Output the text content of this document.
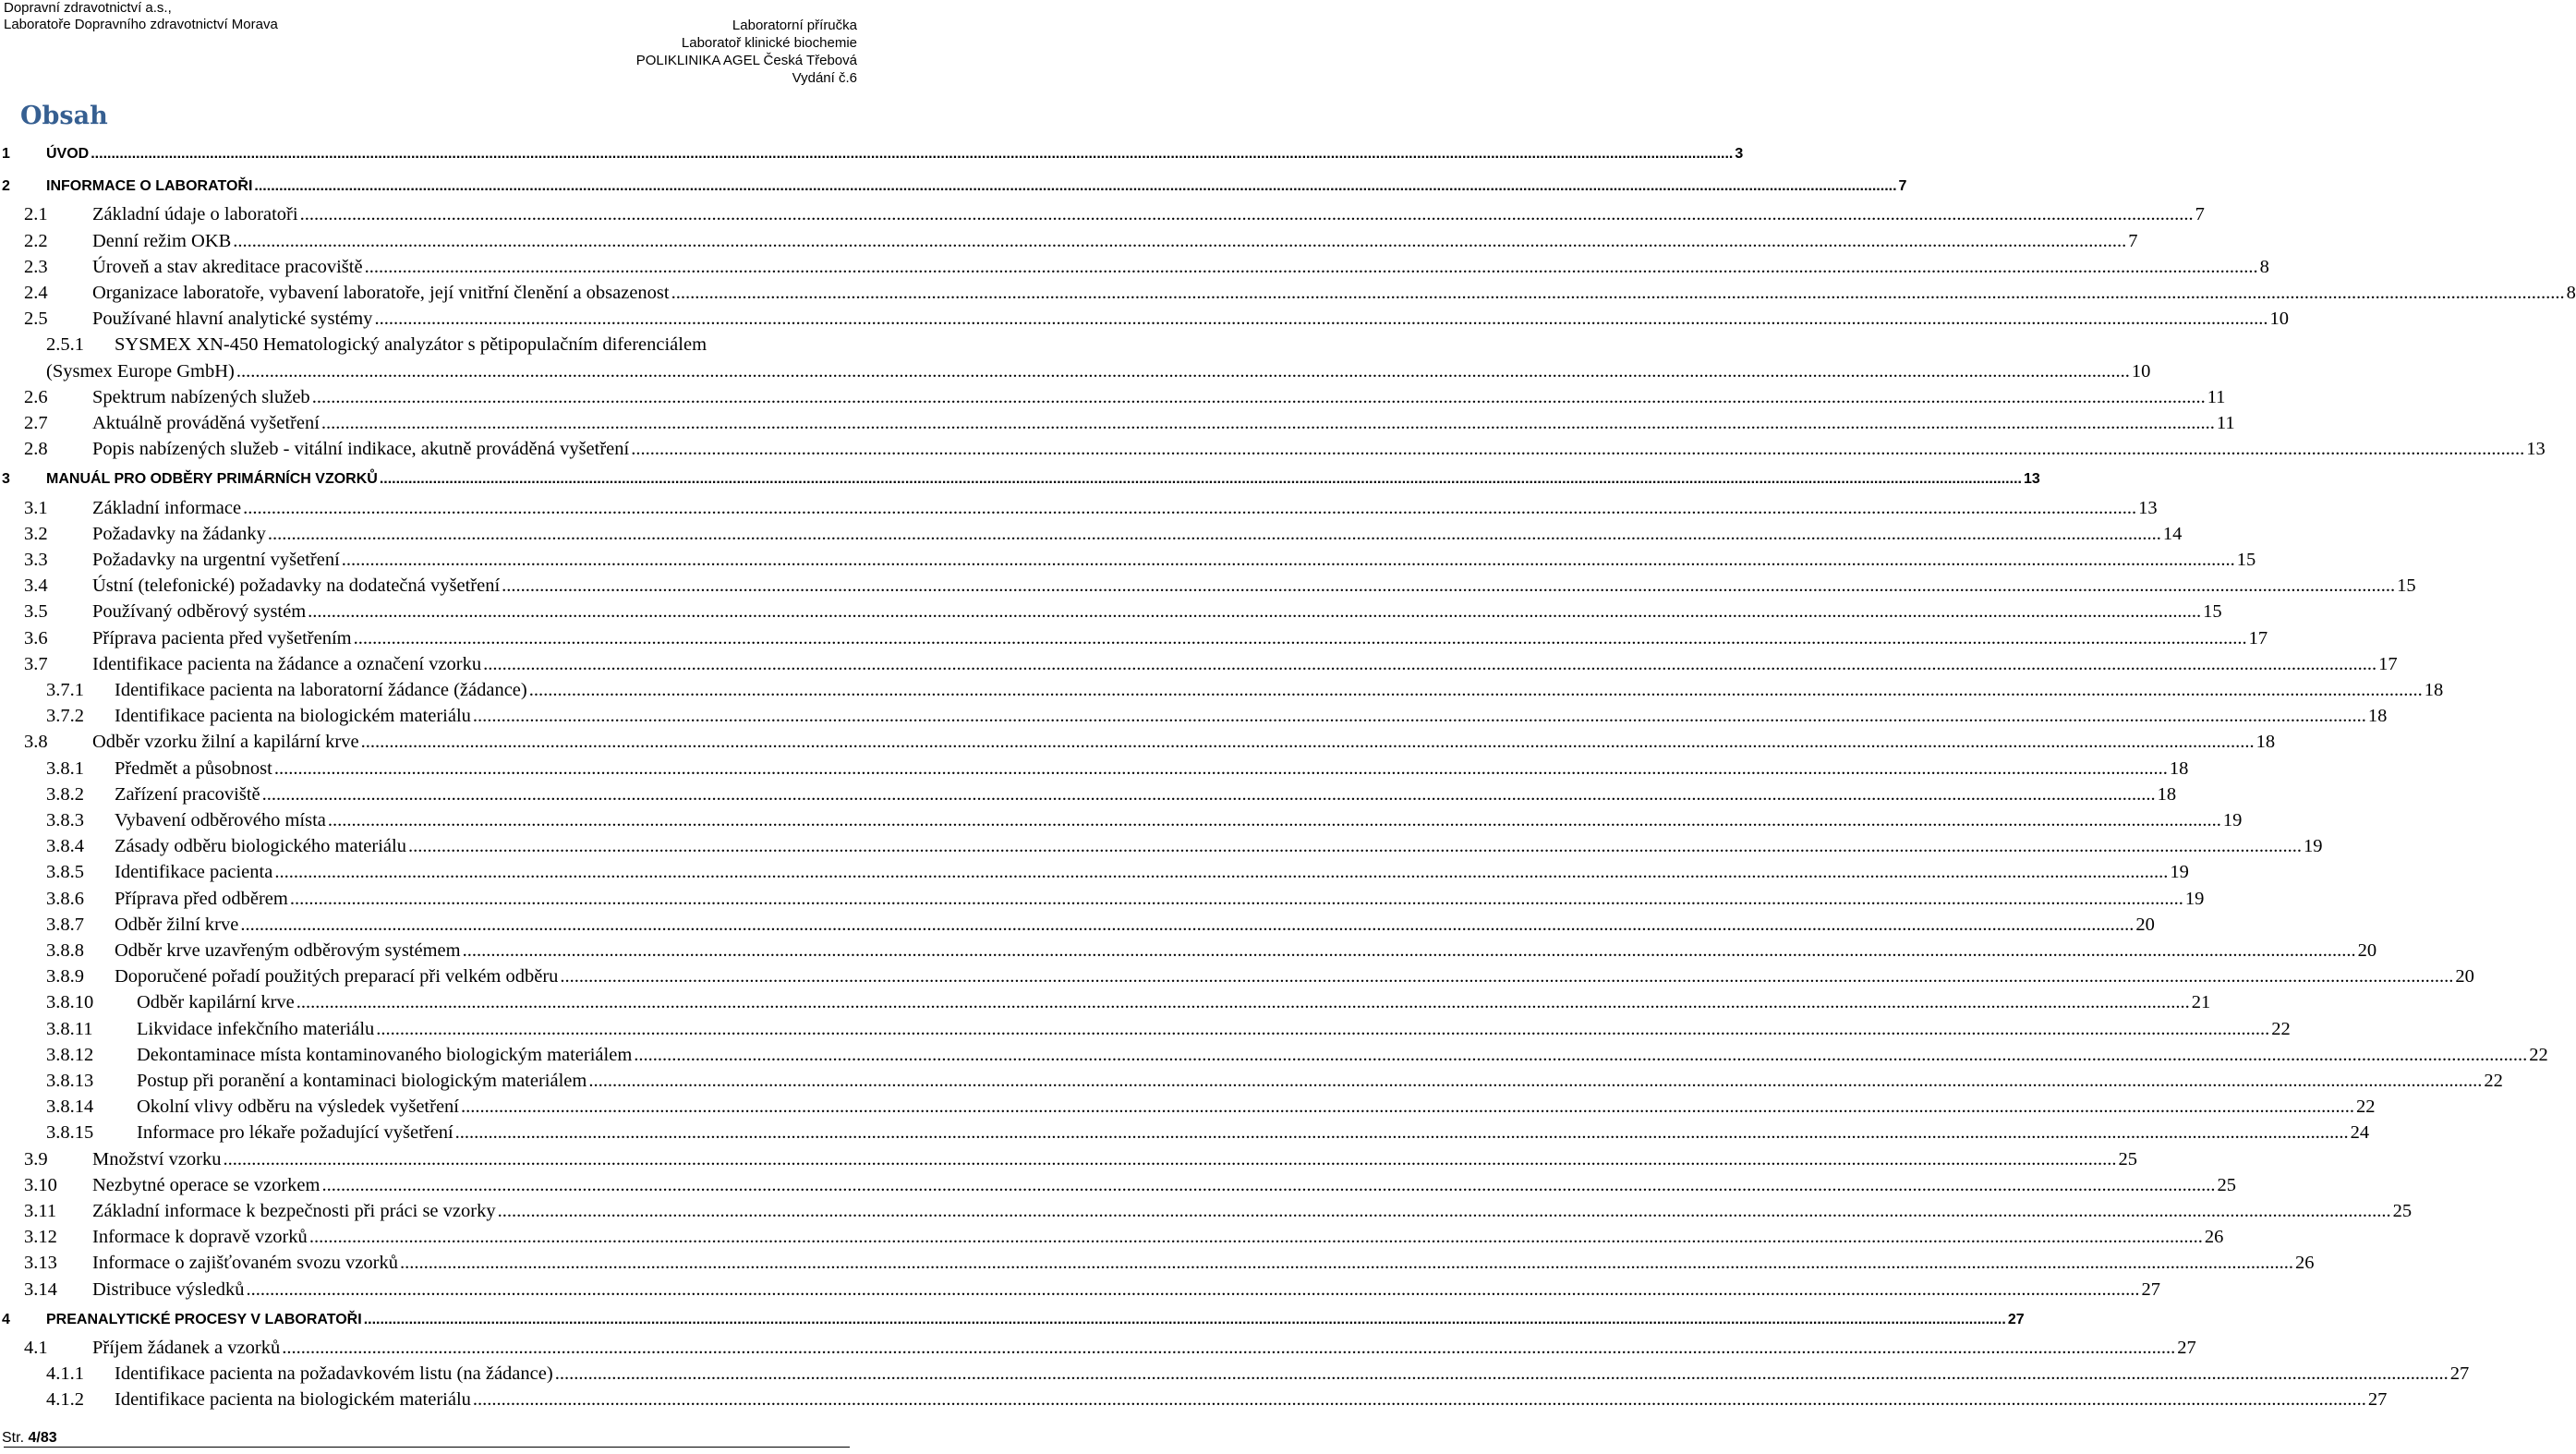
Dopravní zdravotnictví a.s.,
Laboratoře Dopravního zdravotnictví Morava	Laboratorní příručka
Laboratoř klinické biochemie
POLIKLINIKA AGEL Česká Třebová
Vydání č.6
Obsah
1	ÚVOD ................................................................................................................................................................................................................................................................................................................................................................................................................ 3
2	INFORMACE O LABORATOŘI ................................................................................................................................................................................................................................................................................................................................................................................................................ 7
2.1	Základní údaje o laboratoři ................................................................................................................................................................................................................................................................................................................................................................................................................ 7
2.2	Denní režim OKB ................................................................................................................................................................................................................................................................................................................................................................................................................ 7
2.3	Úroveň a stav akreditace pracoviště ................................................................................................................................................................................................................................................................................................................................................................................................................ 8
2.4	Organizace laboratoře, vybavení laboratoře, její vnitřní členění a obsazenost ................................................................................................................................................................................................................................................................................................................................................................................................................ 8
2.5	Používané hlavní analytické systémy ................................................................................................................................................................................................................................................................................................................................................................................................................ 10
2.5.1	SYSMEX XN-450 Hematologický analyzátor s pětipopulačním diferenciálem
(Sysmex Europe GmbH) ................................................................................................................................................................................................................................................................................................................................................................................................................ 10
2.6	Spektrum nabízených služeb ................................................................................................................................................................................................................................................................................................................................................................................................................ 11
2.7	Aktuálně prováděná vyšetření ................................................................................................................................................................................................................................................................................................................................................................................................................ 11
2.8	Popis nabízených služeb - vitální indikace, akutně prováděná vyšetření ................................................................................................................................................................................................................................................................................................................................................................................................................ 13
3	MANUÁL PRO ODBĚRY PRIMÁRNÍCH VZORKŮ ................................................................................................................................................................................................................................................................................................................................................................................................................ 13
3.1	Základní informace ................................................................................................................................................................................................................................................................................................................................................................................................................ 13
3.2	Požadavky na žádanky ................................................................................................................................................................................................................................................................................................................................................................................................................ 14
3.3	Požadavky na urgentní vyšetření ................................................................................................................................................................................................................................................................................................................................................................................................................ 15
3.4	Ústní (telefonické) požadavky na dodatečná vyšetření ................................................................................................................................................................................................................................................................................................................................................................................................................ 15
3.5	Používaný odběrový systém ................................................................................................................................................................................................................................................................................................................................................................................................................ 15
3.6	Příprava pacienta před vyšetřením ................................................................................................................................................................................................................................................................................................................................................................................................................ 17
3.7	Identifikace pacienta na žádance a označení vzorku ................................................................................................................................................................................................................................................................................................................................................................................................................ 17
3.7.1	Identifikace pacienta na laboratorní žádance (žádance) ................................................................................................................................................................................................................................................................................................................................................................................................................ 18
3.7.2	Identifikace pacienta na biologickém materiálu ................................................................................................................................................................................................................................................................................................................................................................................................................ 18
3.8	Odběr vzorku žilní a kapilární krve ................................................................................................................................................................................................................................................................................................................................................................................................................ 18
3.8.1	Předmět a působnost ................................................................................................................................................................................................................................................................................................................................................................................................................ 18
3.8.2	Zařízení pracoviště ................................................................................................................................................................................................................................................................................................................................................................................................................ 18
3.8.3	Vybavení odběrového místa ................................................................................................................................................................................................................................................................................................................................................................................................................ 19
3.8.4	Zásady odběru biologického materiálu ................................................................................................................................................................................................................................................................................................................................................................................................................ 19
3.8.5	Identifikace pacienta ................................................................................................................................................................................................................................................................................................................................................................................................................ 19
3.8.6	Příprava před odběrem ................................................................................................................................................................................................................................................................................................................................................................................................................ 19
3.8.7	Odběr žilní krve ................................................................................................................................................................................................................................................................................................................................................................................................................ 20
3.8.8	Odběr krve uzavřeným odběrovým systémem ................................................................................................................................................................................................................................................................................................................................................................................................................ 20
3.8.9	Doporučené pořadí použitých preparací při velkém odběru ................................................................................................................................................................................................................................................................................................................................................................................................................ 20
3.8.10	Odběr kapilární krve ................................................................................................................................................................................................................................................................................................................................................................................................................ 21
3.8.11	Likvidace infekčního materiálu ................................................................................................................................................................................................................................................................................................................................................................................................................ 22
3.8.12	Dekontaminace místa kontaminovaného biologickým materiálem ................................................................................................................................................................................................................................................................................................................................................................................................................ 22
3.8.13	Postup při poranění a kontaminaci biologickým materiálem ................................................................................................................................................................................................................................................................................................................................................................................................................ 22
3.8.14	Okolní vlivy odběru na výsledek vyšetření ................................................................................................................................................................................................................................................................................................................................................................................................................ 22
3.8.15	Informace pro lékaře požadující vyšetření ................................................................................................................................................................................................................................................................................................................................................................................................................ 24
3.9	Množství vzorku ................................................................................................................................................................................................................................................................................................................................................................................................................ 25
3.10	Nezbytné operace se vzorkem ................................................................................................................................................................................................................................................................................................................................................................................................................ 25
3.11	Základní informace k bezpečnosti při práci se vzorky ................................................................................................................................................................................................................................................................................................................................................................................................................ 25
3.12	Informace k dopravě vzorků ................................................................................................................................................................................................................................................................................................................................................................................................................ 26
3.13	Informace o zajišťovaném svozu vzorků ................................................................................................................................................................................................................................................................................................................................................................................................................ 26
3.14	Distribuce výsledků ................................................................................................................................................................................................................................................................................................................................................................................................................ 27
4	PREANALYTICKÉ PROCESY V LABORATOŘI ................................................................................................................................................................................................................................................................................................................................................................................................................ 27
4.1	Příjem žádanek a vzorků ................................................................................................................................................................................................................................................................................................................................................................................................................ 27
4.1.1	Identifikace pacienta na požadavkovém listu (na žádance) ................................................................................................................................................................................................................................................................................................................................................................................................................ 27
4.1.2	Identifikace pacienta na biologickém materiálu ................................................................................................................................................................................................................................................................................................................................................................................................................ 27
Str. 4/83
